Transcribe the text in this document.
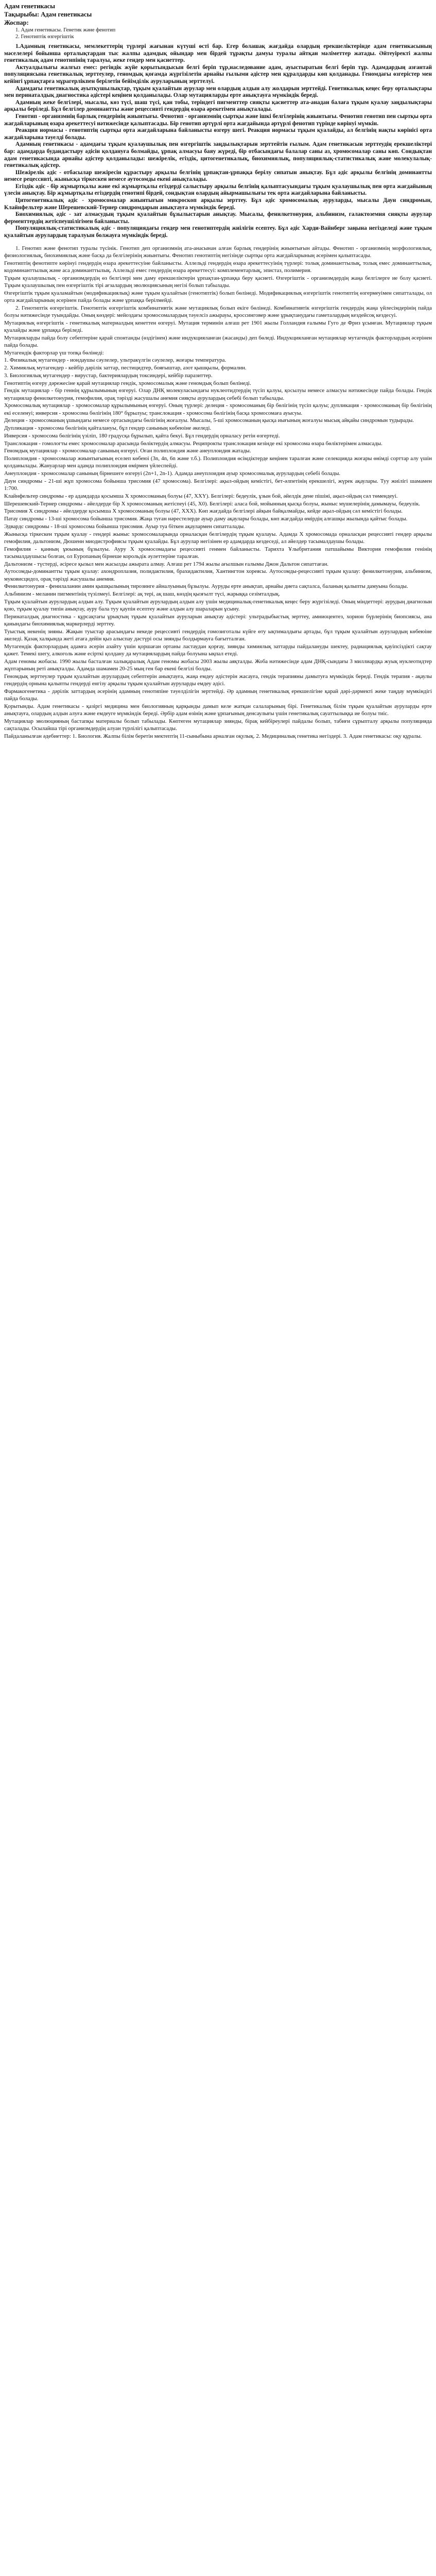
Адам генетикасы
Тақырыбы: Адам генетикасы
Жоспар:
1. Адам генетикасы. Генетик және фенотип
2. Генотиптік өзгергіштік

1.Адамның генетикасы, мемлекеттерің түрлері жағынан күтуші өсті бар. Егер болашақ жағдайда олардың ерекшеліктерінде адам генетикасының мәселелері бойынша орталықтардан тыс жалпы адамдық ойындар мен бірдей тұрақты дамуы туралы айтқан мәліметтер жатады. Әйтеуіректі жалпы генетикалық адам генотипінің таралуы, жеке гендер мен қасиеттер.

Актуалдылығы жалғыз емес: регіндік жүйе қорытындысын белгі беріп тұр,наследование адам, ауыстыратын белгі беріп тұр. Адамдардың азғантай популяциясына генетикалық зерттеулер, геномдық қоғамда жүргізілетін арнайы ғылыми әдістер мен құралдарды көп қолданады. Геномдағы өзгерістер мен кейінгі ұрпақтарға мұрагерлікпен берілетін бейімділік ауруларының зерттелуі.

Адамдағы генетикалық ауытқушылықтар, тұқым қуалайтын аурулар мен олардың алдын алу жолдарын зерттейді. Генетикалық кеңес беру орталықтары мен перинаталдық диагностика әдістері кеңінен қолданылады. Олар мутацияларды ерте анықтауға мүмкіндік береді.

Адамның жеке белгілері, мысалы, көз түсі, шаш түсі, қан тобы, теріндегі пигменттер сияқты қасиеттер ата-анадан балаға тұқым қуалау заңдылықтары арқылы беріледі. Бұл белгілер доминантты және рецессивті гендердің өзара әрекетімен анықталады.

Генотип - организмнің барлық гендерінің жиынтығы. Фенотип - организмнің сыртқы және ішкі белгілерінің жиынтығы. Фенотип генотип пен сыртқы орта жағдайларының өзара әрекеттесуі нәтижесінде қалыптасады. Бір генотип әртүрлі орта жағдайында әртүрлі фенотип түрінде көрінуі мүмкін.

Реакция нормасы - генотиптің сыртқы орта жағдайларына байланысты өзгеру шегі. Реакция нормасы тұқым қуалайды, ал белгінің нақты көрінісі орта жағдайларына тәуелді болады.

Адамның генетикасы - адамдағы тұқым қуалаушылық пен өзгергіштік заңдылықтарын зерттейтін ғылым. Адам генетикасын зерттеудің ерекшеліктері бар: адамдарда будандастыру әдісін қолдануға болмайды, ұрпақ алмасуы баяу жүреді, бір отбасындағы балалар саны аз, хромосомалар саны көп. Сондықтан адам генетикасында арнайы әдістер қолданылады: шежірелік, егіздік, цитогенетикалық, биохимиялық, популяциялық-статистикалық және молекулалық-генетикалық әдістер.

Шежірелік әдіс - отбасылар шежіресін құрастыру арқылы белгінің ұрпақтан-ұрпаққа берілу сипатын анықтау. Бұл әдіс арқылы белгінің доминантты немесе рецессивті, жынысқа тіркескен немесе аутосомды екені анықталады.

Егіздік әдіс - бір жұмыртқалы және екі жұмыртқалы егіздерді салыстыру арқылы белгінің қалыптасуындағы тұқым қуалаушылық пен орта жағдайының үлесін анықтау. Бір жұмыртқалы егіздердің генотипі бірдей, сондықтан олардың айырмашылығы тек орта жағдайларына байланысты.

Цитогенетикалық әдіс - хромосомалар жиынтығын микроскоп арқылы зерттеу. Бұл әдіс хромосомалық ауруларды, мысалы Даун синдромын, Клайнфельтер және Шерешевский-Тернер синдромдарын анықтауға мүмкіндік береді.

Биохимиялық әдіс - зат алмасудың тұқым қуалайтын бұзылыстарын анықтау. Мысалы, фенилкетонурия, альбинизм, галактоземия сияқты аурулар ферменттердің жетіспеушілігімен байланысты.

Популяциялық-статистикалық әдіс - популяциядағы гендер мен генотиптердің жиілігін есептеу. Бұл әдіс Харди-Вайнберг заңына негізделеді және тұқым қуалайтын аурулардың таралуын болжауға мүмкіндік береді.

1. Генотип және фенотип туралы түсінік. Генотип деп организмнің ата-анасынан алған барлық гендерінің жиынтығын айтады. Фенотип - организмнің морфологиялық, физиологиялық, биохимиялық және басқа да белгілерінің жиынтығы. Фенотип генотиптің негізінде сыртқы орта жағдайларының әсерімен қалыптасады.

Генотиптің фенотипте көрінуі гендердің өзара әрекеттесуіне байланысты. Аллельді гендердің өзара әрекеттесуінің түрлері: толық доминанттылық, толық емес доминанттылық, кодоминанттылық және аса доминанттылық. Аллельді емес гендердің өзара әрекеттесуі: комплементарлық, эпистаз, полимерия.

Тұқым қуалаушылық - организмдердің өз белгілері мен даму ерекшеліктерін ұрпақтан-ұрпаққа беру қасиеті. Өзгергіштік - организмдердің жаңа белгілерге ие болу қасиеті. Тұқым қуалаушылық пен өзгергіштік тірі ағзалардың эволюциясының негізі болып табылады.

Өзгергіштік тұқым қуаламайтын (модификациялық) және тұқым қуалайтын (генотиптік) болып бөлінеді. Модификациялық өзгергіштік генотиптің өзгермеуімен сипатталады, ол орта жағдайларының әсерінен пайда болады және ұрпаққа берілмейді.

2. Генотиптік өзгергіштік. Генотиптік өзгергіштік комбинативтік және мутациялық болып екіге бөлінеді. Комбинативтік өзгергіштік гендердің жаңа үйлесімдерінің пайда болуы нәтижесінде туындайды. Оның көздері: мейоздағы хромосомалардың тәуелсіз ажырауы, кроссинговер және ұрықтанудағы гаметалардың кездейсоқ кездесуі.

Мутациялық өзгергіштік - генетикалық материалдың кенеттен өзгеруі. Мутация терминін алғаш рет 1901 жылы Голландия ғалымы Гуго де Фриз ұсынған. Мутациялар тұқым қуалайды және ұрпаққа беріледі.

Мутацияларды пайда болу себептеріне қарай спонтанды (өздігінен) және индукцияланған (жасанды) деп бөледі. Индукцияланған мутациялар мутагендік факторлардың әсерінен пайда болады.

Мутагендік факторлар үш топқа бөлінеді:

1. Физикалық мутагендер - иондаушы сәулелер, ультракүлгін сәулелер, жоғары температура.

2. Химиялық мутагендер - кейбір дәрілік заттар, пестицидтер, бояғыштар, азот қышқылы, формалин.

3. Биологиялық мутагендер - вирустар, бактериялардың токсиндері, кейбір паразиттер.

Генотиптің өзгеру дәрежесіне қарай мутациялар гендік, хромосомалық және геномдық болып бөлінеді.

Гендік мутациялар - бір геннің құрылымының өзгеруі. Олар ДНҚ молекуласындағы нуклеотидтердің түсіп қалуы, қосылуы немесе алмасуы нәтижесінде пайда болады. Гендік мутациялар фенилкетонурия, гемофилия, орақ тәрізді жасушалы анемия сияқты аурулардың себебі болып табылады.

Хромосомалық мутациялар - хромосомалар құрылымының өзгеруі. Оның түрлері: делеция - хромосоманың бір бөлігінің түсіп қалуы; дупликация - хромосоманың бір бөлігінің екі еселенуі; инверсия - хромосома бөлігінің 180° бұрылуы; транслокация - хромосома бөлігінің басқа хромосомаға ауысуы.

Делеция - хромосоманың ұшындағы немесе ортасындағы бөлігінің жоғалуы. Мысалы, 5-ші хромосоманың қысқа иығының жоғалуы мысық айқайы синдромын тудырады.

Дупликация - хромосома бөлігінің қайталануы, бұл гендер санының көбеюіне әкеледі.

Инверсия - хромосома бөлігінің үзіліп, 180 градусқа бұрылып, қайта бекуі. Бұл гендердің орналасу ретін өзгертеді.

Транслокация - гомологты емес хромосомалар арасында бөліктердің алмасуы. Реципрокты транслокация кезінде екі хромосома өзара бөліктерімен алмасады.

Геномдық мутациялар - хромосомалар санының өзгеруі. Оған полиплоидия және анеуплоидия жатады.

Полиплоидия - хромосомалар жиынтығының еселеп көбеюі (3n, 4n, 6n және т.б.). Полиплоидия өсімдіктерде кеңінен таралған және селекцияда жоғары өнімді сорттар алу үшін қолданылады. Жануарлар мен адамда полиплоидия өмірмен үйлеспейді.

Анеуплоидия - хромосомалар санының бірнешеге өзгеруі (2n+1, 2n-1). Адамда анеуплоидия ауыр хромосомалық аурулардың себебі болады.

Даун синдромы - 21-ші жұп хромосома бойынша трисомия (47 хромосома). Белгілері: ақыл-ойдың кемістігі, бет-әлпетінің ерекшелігі, жүрек ақаулары. Туу жиілігі шамамен 1:700.

Клайнфельтер синдромы - ер адамдарда қосымша X хромосоманың болуы (47, XXY). Белгілері: бедеулік, ұзын бой, әйелдік дене пішіні, ақыл-ойдың сәл төмендеуі.

Шерешевский-Тернер синдромы - әйелдерде бір X хромосоманың жетіспеуі (45, X0). Белгілері: аласа бой, мойынның қысқа болуы, жыныс мүшелерінің дамымауы, бедеулік.

Трисомия X синдромы - әйелдерде қосымша X хромосоманың болуы (47, XXX). Көп жағдайда белгілері айқын байқалмайды, кейде ақыл-ойдың сәл кемістігі болады.

Патау синдромы - 13-ші хромосома бойынша трисомия. Жаңа туған нәрестелерде ауыр даму ақаулары болады, көп жағдайда өмірдің алғашқы жылында қайтыс болады.

Эдвардс синдромы - 18-ші хромосома бойынша трисомия. Ауыр туа біткен ақаулармен сипатталады.

Жынысқа тіркескен тұқым қуалау - гендері жыныс хромосомаларында орналасқан белгілердің тұқым қуалауы. Адамда X хромосомада орналасқан рецессивті гендер арқылы гемофилия, дальтонизм, Дюшенн миодистрофиясы тұқым қуалайды. Бұл аурулар негізінен ер адамдарда кездеседі, ал әйелдер тасымалдаушы болады.

Гемофилия - қанның ұюының бұзылуы. Ауру X хромосомадағы рецессивті генмен байланысты. Тарихта Ұлыбритания патшайымы Виктория гемофилия генінің тасымалдаушысы болған, ол Еуропаның бірнеше корольдік әулеттеріне таралған.

Дальтонизм - түстерді, әсіресе қызыл мен жасылды ажырата алмау. Алғаш рет 1794 жылы ағылшын ғалымы Джон Дальтон сипаттаған.

Аутосомды-доминантты тұқым қуалау: ахондроплазия, полидактилия, брахидактилия, Хантингтон хореясы. Аутосомды-рецессивті тұқым қуалау: фенилкетонурия, альбинизм, муковисцидоз, орақ тәрізді жасушалы анемия.

Фенилкетонурия - фенилаланин амин қышқылының тирозинге айналуының бұзылуы. Ауруды ерте анықтап, арнайы диета сақталса, баланың қалыпты дамуына болады.

Альбинизм - меланин пигментінің түзілмеуі. Белгілері: ақ тері, ақ шаш, көздің қызғылт түсі, жарыққа сезімталдық.

Тұқым қуалайтын аурулардың алдын алу. Тұқым қуалайтын аурулардың алдын алу үшін медициналық-генетикалық кеңес беру жүргізіледі. Оның міндеттері: аурудың диагнозын қою, тұқым қуалау типін анықтау, ауру бала туу қаупін есептеу және алдын алу шараларын ұсыну.

Перинаталдық диагностика - құрсақтағы ұрықтың тұқым қуалайтын ауруларын анықтау әдістері: ультрадыбыстық зерттеу, амниоцентез, хорион бүрлерінің биопсиясы, ана қанындағы биохимиялық маркерлерді зерттеу.

Туыстық некенің зияны. Жақын туыстар арасындағы некеде рецессивті гендердің гомозиготалы күйге өту ықтималдығы артады, бұл тұқым қуалайтын аурулардың көбеюіне әкеледі. Қазақ халқында жеті атаға дейін қыз алыспау дәстүрі осы зиянды болдырмауға бағытталған.

Мутагендік факторлардың адамға әсерін азайту үшін қоршаған ортаны ластаудан қорғау, зиянды химиялық заттарды пайдалануды шектеу, радиациялық қауіпсіздікті сақтау қажет. Темекі шегу, алкоголь және есірткі қолдану да мутациялардың пайда болуына ықпал етеді.

Адам геномы жобасы. 1990 жылы басталған халықаралық Адам геномы жобасы 2003 жылы аяқталды. Жоба нәтижесінде адам ДНҚ-сындағы 3 миллиардқа жуық нуклеотидтер жұптарының реті анықталды. Адамда шамамен 20-25 мың ген бар екені белгілі болды.

Геномдық зерттеулер тұқым қуалайтын аурулардың себептерін анықтауға, жаңа емдеу әдістерін жасауға, гендік терапияны дамытуға мүмкіндік береді. Гендік терапия - ақаулы гендердің орнына қалыпты гендерді енгізу арқылы тұқым қуалайтын ауруларды емдеу әдісі.

Фармакогенетика - дәрілік заттардың әсерінің адамның генотипіне тәуелділігін зерттейді. Әр адамның генетикалық ерекшелігіне қарай дәрі-дәрмекті жеке таңдау мүмкіндігі пайда болады.

Қорытынды. Адам генетикасы - қазіргі медицина мен биологияның қарқынды дамып келе жатқан салаларының бірі. Генетикалық білім тұқым қуалайтын ауруларды ерте анықтауға, олардың алдын алуға және емдеуге мүмкіндік береді. Әрбір адам өзінің және ұрпағының денсаулығы үшін генетикалық сауаттылыққа ие болуы тиіс.

Мутациялар эволюцияның бастапқы материалы болып табылады. Көптеген мутациялар зиянды, бірақ кейбіреулері пайдалы болып, табиғи сұрыпталу арқылы популяцияда сақталады. Осылайша тірі организмдердің алуан түрлілігі қалыптасады.

Пайдаланылған әдебиеттер: 1. Биология. Жалпы білім беретін мектептің 11-сыныбына арналған оқулық. 2. Медициналық генетика негіздері. 3. Адам генетикасы: оқу құралы.
